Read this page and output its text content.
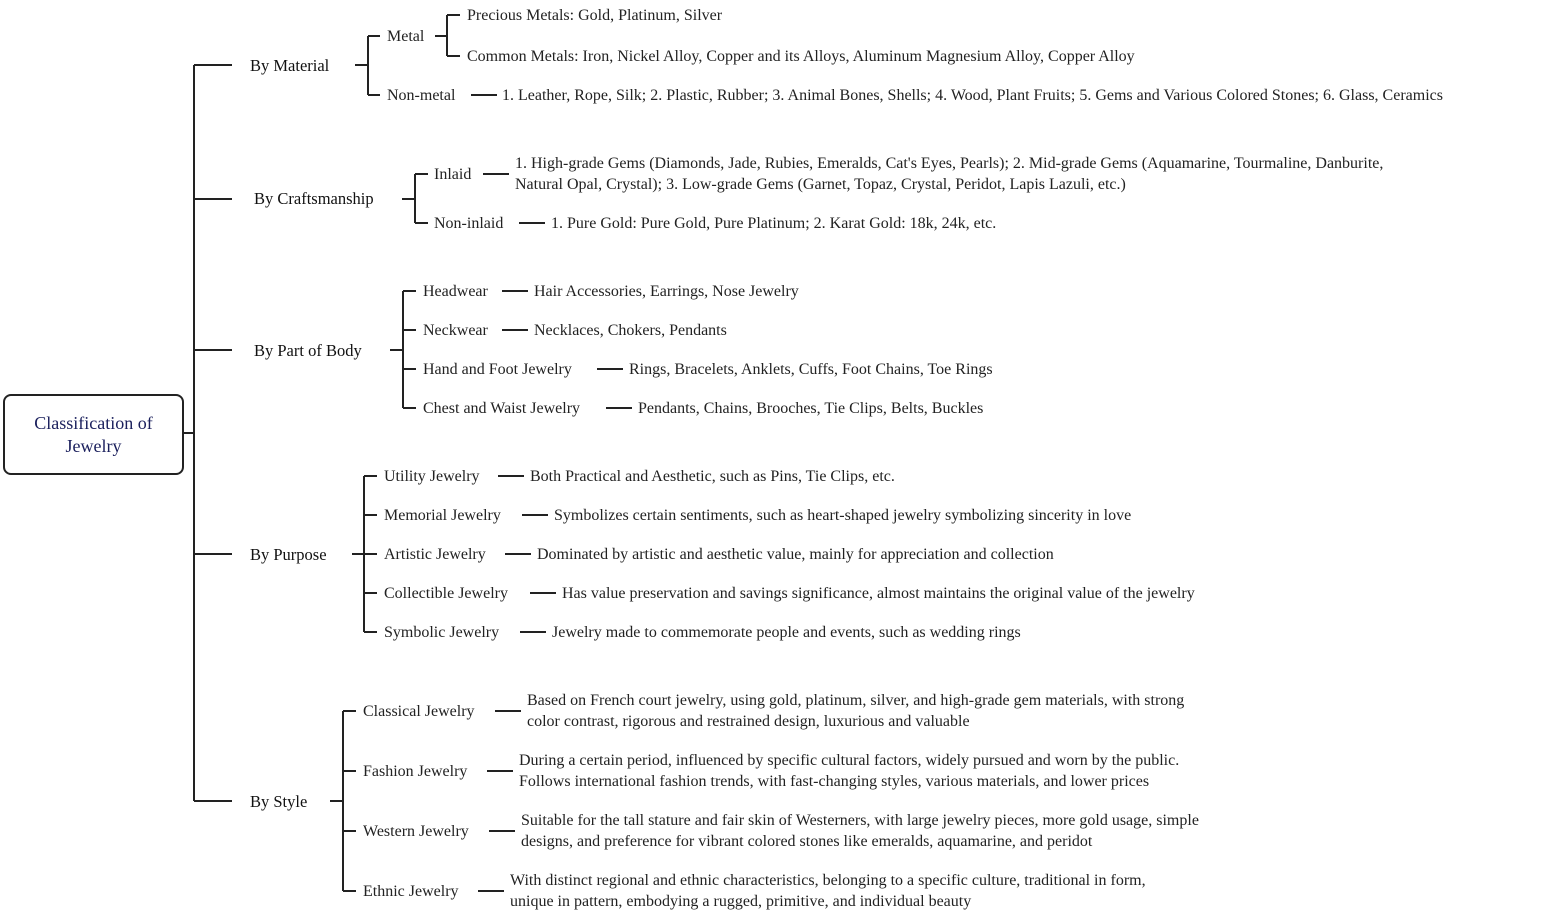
Classification of Jewelry
By Material
By Craftsmanship
By Part of Body
By Purpose
By Style
Metal
Precious Metals: Gold, Platinum, Silver
Common Metals: Iron, Nickel Alloy, Copper and its Alloys, Aluminum Magnesium Alloy, Copper Alloy
Non-metal	1. Leather, Rope, Silk; 2. Plastic, Rubber; 3. Animal Bones, Shells; 4. Wood, Plant Fruits; 5. Gems and Various Colored Stones; 6. Glass, Ceramics
Inlaid
1. High-grade Gems (Diamonds, Jade, Rubies, Emeralds, Cat's Eyes, Pearls); 2. Mid-grade Gems (Aquamarine, Tourmaline, Danburite,
Natural Opal, Crystal); 3. Low-grade Gems (Garnet, Topaz, Crystal, Peridot, Lapis Lazuli, etc.)
Non-inlaid	1. Pure Gold: Pure Gold, Pure Platinum; 2. Karat Gold: 18k, 24k, etc.
Headwear	Hair Accessories, Earrings, Nose Jewelry
Neckwear	Necklaces, Chokers, Pendants
Hand and Foot Jewelry	Rings, Bracelets, Anklets, Cuffs, Foot Chains, Toe Rings
Chest and Waist Jewelry	Pendants, Chains, Brooches, Tie Clips, Belts, Buckles
Utility Jewelry	Both Practical and Aesthetic, such as Pins, Tie Clips, etc.
Memorial Jewelry	Symbolizes certain sentiments, such as heart-shaped jewelry symbolizing sincerity in love
Artistic Jewelry	Dominated by artistic and aesthetic value, mainly for appreciation and collection
Collectible Jewelry	Has value preservation and savings significance, almost maintains the original value of the jewelry
Symbolic Jewelry	Jewelry made to commemorate people and events, such as wedding rings
Classical Jewelry
Based on French court jewelry, using gold, platinum, silver, and high-grade gem materials, with strong
color contrast, rigorous and restrained design, luxurious and valuable
Fashion Jewelry
During a certain period, influenced by specific cultural factors, widely pursued and worn by the public.
Follows international fashion trends, with fast-changing styles, various materials, and lower prices
Western Jewelry
Suitable for the tall stature and fair skin of Westerners, with large jewelry pieces, more gold usage, simple
designs, and preference for vibrant colored stones like emeralds, aquamarine, and peridot
Ethnic Jewelry
With distinct regional and ethnic characteristics, belonging to a specific culture, traditional in form,
unique in pattern, embodying a rugged, primitive, and individual beauty
